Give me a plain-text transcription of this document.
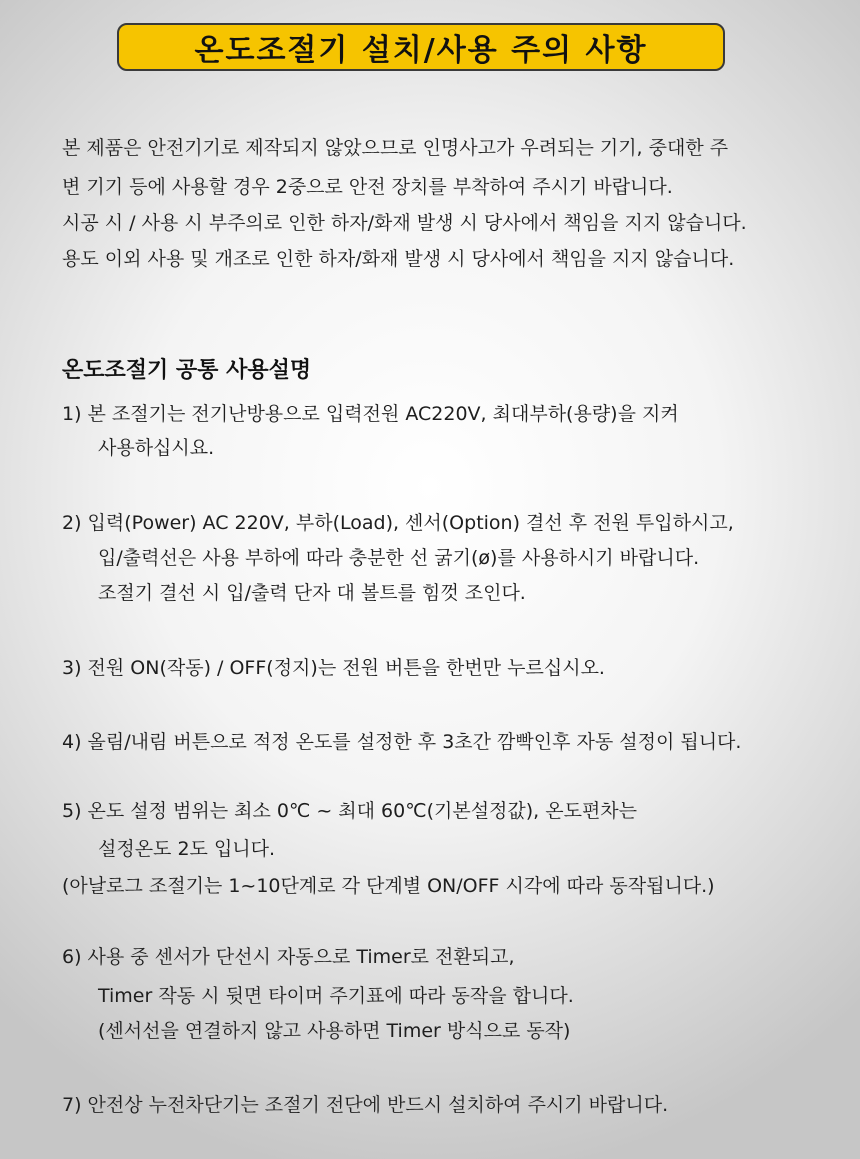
온도조절기 설치/사용 주의 사항
본 제품은 안전기기로 제작되지 않았으므로 인명사고가 우려되는 기기, 중대한 주
변 기기 등에 사용할 경우 2중으로 안전 장치를 부착하여 주시기 바랍니다.
시공 시 / 사용 시 부주의로 인한 하자/화재 발생 시 당사에서 책임을 지지 않습니다.
용도 이외 사용 및 개조로 인한 하자/화재 발생 시 당사에서 책임을 지지 않습니다.
온도조절기 공통 사용설명
1) 본 조절기는 전기난방용으로 입력전원 AC220V, 최대부하(용량)을 지켜
사용하십시요.
2) 입력(Power) AC 220V, 부하(Load), 센서(Option) 결선 후 전원 투입하시고,
입/출력선은 사용 부하에 따라 충분한 선 굵기(ø)를 사용하시기 바랍니다.
조절기 결선 시 입/출력 단자 대 볼트를 힘껏 조인다.
3) 전원 ON(작동) / OFF(정지)는 전원 버튼을 한번만 누르십시오.
4) 올림/내림 버튼으로 적정 온도를 설정한 후 3초간 깜빡인후 자동 설정이 됩니다.
5) 온도 설정 범위는 최소 0℃ ~ 최대 60℃(기본설정값), 온도편차는
설정온도 2도 입니다.
(아날로그 조절기는 1~10단계로 각 단계별 ON/OFF 시각에 따라 동작됩니다.)
6) 사용 중 센서가 단선시 자동으로 Timer로 전환되고,
Timer 작동 시 뒷면 타이머 주기표에 따라 동작을 합니다.
(센서선을 연결하지 않고 사용하면 Timer 방식으로 동작)
7) 안전상 누전차단기는 조절기 전단에 반드시 설치하여 주시기 바랍니다.
